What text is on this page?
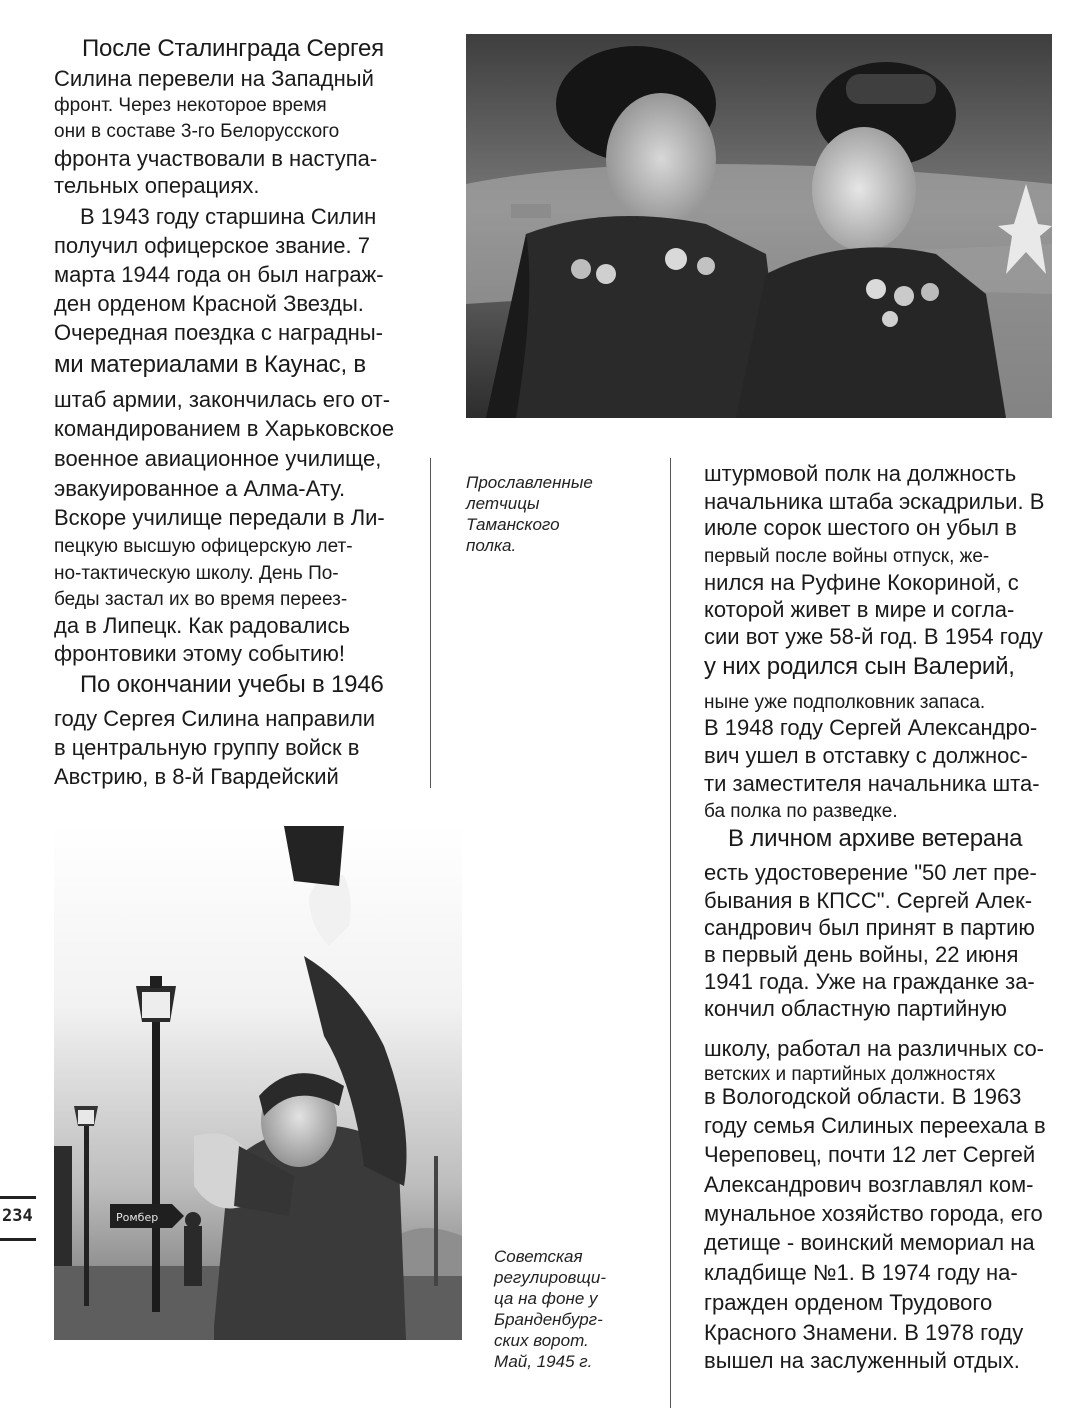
После Сталинграда Сергея
Силина перевели на Западный
фронт. Через некоторое время
они в составе 3-го Белорусского
фронта участвовали в наступа-
тельных операциях.
В 1943 году старшина Силин
получил офицерское звание. 7
марта 1944 года он был награж-
ден орденом Красной Звезды.
Очередная поездка с наградны-
ми материалами в Каунас, в
штаб армии, закончилась его от-
командированием в Харьковское
военное авиационное училище,
эвакуированное а Алма-Ату.
Вскоре училище передали в Ли-
пецкую высшую офицерскую лет-
но-тактическую школу. День По-
беды застал их во время переез-
да в Липецк. Как радовались
фронтовики этому событию!
По окончании учебы в 1946
году Сергея Силина направили
в центральную группу войск в
Австрию, в 8-й Гвардейский
Прославленные
летчицы
Таманского
полка.
штурмовой полк на должность
начальника штаба эскадрильи. В
июле сорок шестого он убыл в
первый после войны отпуск, же-
нился на Руфине Кокориной, с
которой живет в мире и согла-
сии вот уже 58-й год. В 1954 году
у них родился сын Валерий,
ныне уже подполковник запаса.
В 1948 году Сергей Александро-
вич ушел в отставку с должнос-
ти заместителя начальника шта-
ба полка по разведке.
В личном архиве ветерана
есть удостоверение "50 лет пре-
бывания в КПСС". Сергей Алек-
сандрович был принят в партию
в первый день войны, 22 июня
1941 года. Уже на гражданке за-
кончил областную партийную
школу, работал на различных со-
ветских и партийных должностях
в Вологодской области. В 1963
году семья Силиных переехала в
Череповец, почти 12 лет Сергей
Александрович возглавлял ком-
мунальное хозяйство города, его
детище - воинский мемориал на
кладбище №1. В 1974 году на-
гражден орденом Трудового
Красного Знамени. В 1978 году
вышел на заслуженный отдых.
Ромбер
Советская
регулировщи-
ца на фоне у
Бранденбург-
ских ворот.
Май, 1945 г.
234
